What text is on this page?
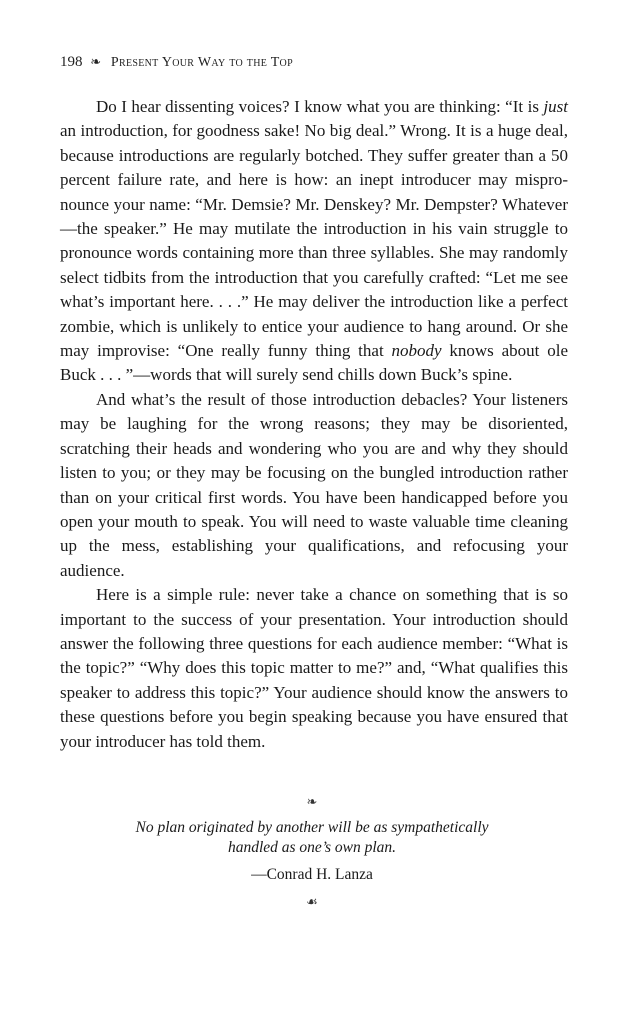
198 ❧ Present Your Way to the Top

Do I hear dissenting voices? I know what you are thinking: “It is just an introduction, for goodness sake! No big deal.” Wrong. It is a huge deal, because introductions are regularly botched. They suffer greater than a 50 percent failure rate, and here is how: an inept introducer may mispronounce your name: “Mr. Demsie? Mr. Denskey? Mr. Dempster? Whatever—the speaker.” He may mutilate the introduction in his vain struggle to pronounce words containing more than three syllables. She may randomly select tidbits from the introduction that you carefully crafted: “Let me see what’s important here. . . .” He may deliver the introduction like a perfect zombie, which is unlikely to entice your audience to hang around. Or she may improvise: “One really funny thing that nobody knows about ole Buck . . . ”—words that will surely send chills down Buck’s spine.

And what’s the result of those introduction debacles? Your listeners may be laughing for the wrong reasons; they may be disoriented, scratching their heads and wondering who you are and why they should listen to you; or they may be focusing on the bungled introduction rather than on your critical first words. You have been handicapped before you open your mouth to speak. You will need to waste valuable time cleaning up the mess, establishing your qualifications, and refocusing your audience.

Here is a simple rule: never take a chance on something that is so important to the success of your presentation. Your introduction should answer the following three questions for each audience member: “What is the topic?” “Why does this topic matter to me?” and, “What qualifies this speaker to address this topic?” Your audience should know the answers to these questions before you begin speaking because you have ensured that your introducer has told them.

❧
No plan originated by another will be as sympathetically
handled as one’s own plan.
—Conrad H. Lanza
☙
